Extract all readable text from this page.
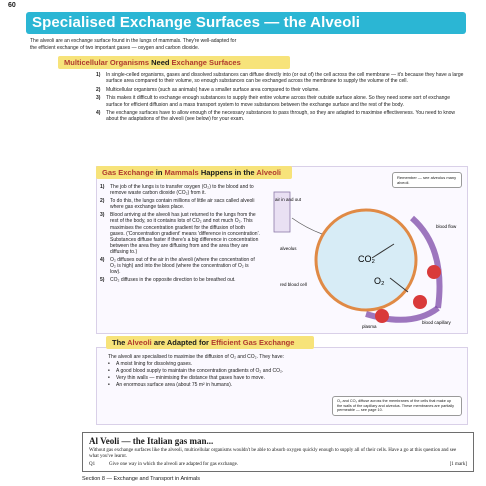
60
Specialised Exchange Surfaces — the Alveoli
The alveoli are an exchange surface found in the lungs of mammals. They're well-adapted for
the efficient exchange of two important gases — oxygen and carbon dioxide.
Multicellular Organisms Need Exchange Surfaces
1)	In single-celled organisms, gases and dissolved substances can diffuse directly into (or out of) the cell across the cell membrane — it's because they have a large surface area compared to their volume, so enough substances can be exchanged across the membrane to supply the volume of the cell.
2)	Multicellular organisms (such as animals) have a smaller surface area compared to their volume.
3)	This makes it difficult to exchange enough substances to supply their entire volume across their outside surface alone. So they need some sort of exchange surface for efficient diffusion and a mass transport system to move substances between the exchange surface and the rest of the body.
4)	The exchange surfaces have to allow enough of the necessary substances to pass through, so they are adapted to maximise effectiveness. You need to know about the adaptations of the alveoli (see below) for your exam.
Gas Exchange in Mammals Happens in the Alveoli
Remember — see alveolus many alveoli.
1)	The job of the lungs is to transfer oxygen (O₂) to the blood and to remove waste carbon dioxide (CO₂) from it.
2)	To do this, the lungs contain millions of little air sacs called alveoli where gas exchange takes place.
3)	Blood arriving at the alveoli has just returned to the lungs from the rest of the body, so it contains lots of CO₂ and not much O₂. This maximises the concentration gradient for the diffusion of both gases. ('Concentration gradient' means 'difference in concentration'. Substances diffuse faster if there's a big difference in concentration between the area they are diffusing from and the area they are diffusing to.)
4)	O₂ diffuses out of the air in the alveoli (where the concentration of O₂ is high) and into the blood (where the concentration of O₂ is low).
5)	CO₂ diffuses in the opposite direction to be breathed out.
air in and out
alveolus
CO₂
O₂
red blood cell
plasma
blood capillary
blood flow
The Alveoli are Adapted for Efficient Gas Exchange
The alveoli are specialised to maximise the diffusion of O₂ and CO₂. They have:
•	A moist lining for dissolving gases.
•	A good blood supply to maintain the concentration gradients of O₂ and CO₂.
•	Very thin walls — minimising the distance that gases have to move.
•	An enormous surface area (about 75 m² in humans).
O₂ and CO₂ diffuse across the membranes of the cells that make up the walls of the capillary and alveolus. These membranes are partially permeable — see page 10.
Al Veoli — the Italian gas man...
Without gas exchange surfaces like the alveoli, multicellular organisms wouldn't be able to absorb oxygen quickly enough to supply all of their cells. Have a go at this question and see what you've learnt.
Q1	Give one way in which the alveoli are adapted for gas exchange.	[1 mark]
Section 8 — Exchange and Transport in Animals
